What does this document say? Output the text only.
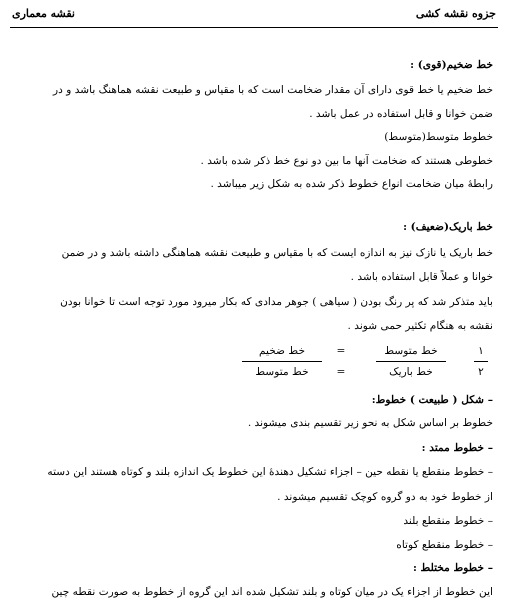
جزوه نقشه کشی
نقشه معماری
خط ضخیم(قوی) :
خط ضخیم یا خط قوی دارای آن مقدار ضخامت است که با مقیاس و طبیعت نقشه هماهنگ باشد و در
ضمن خوانا و قابل استفاده در عمل باشد .
خطوط متوسط(متوسط)
خطوطی هستند که ضخامت آنها ما بین دو نوع خط ذکر شده باشد .
رابطهٔ میان ضخامت انواع خطوط ذکر شده به شکل زیر میباشد .
خط باریک(ضعیف) :
خط باریک یا نازک نیز به اندازه ایست که با مقیاس و طبیعت نقشه هماهنگی داشته باشد و در ضمن
خوانا و عملاً قابل استفاده باشد .
باید متذکر شد که پر رنگ بودن ( سیاهی ) جوهر مدادی که بکار میرود مورد توجه است تا خوانا بودن
نقشه به هنگام تکثیر حمی شوند .
۱
۲
خط متوسط
خط باریک
=
=
خط ضخیم
خط متوسط
– شکل ( طبیعت ) خطوط:
خطوط بر اساس شکل به نحو زیر تقسیم بندی میشوند .
– خطوط ممتد :
– خطوط منقطع یا نقطه حین – اجزاء تشکیل دهندهٔ این خطوط یک اندازه بلند و کوتاه هستند این دسته
از خطوط خود به دو گروه کوچک تقسیم میشوند .
– خطوط منقطع بلند
– خطوط منقطع کوتاه
– خطوط مختلط :
این خطوط از اجزاء یک در میان کوتاه و بلند تشکیل شده اند این گروه از خطوط به صورت نقطه چین
